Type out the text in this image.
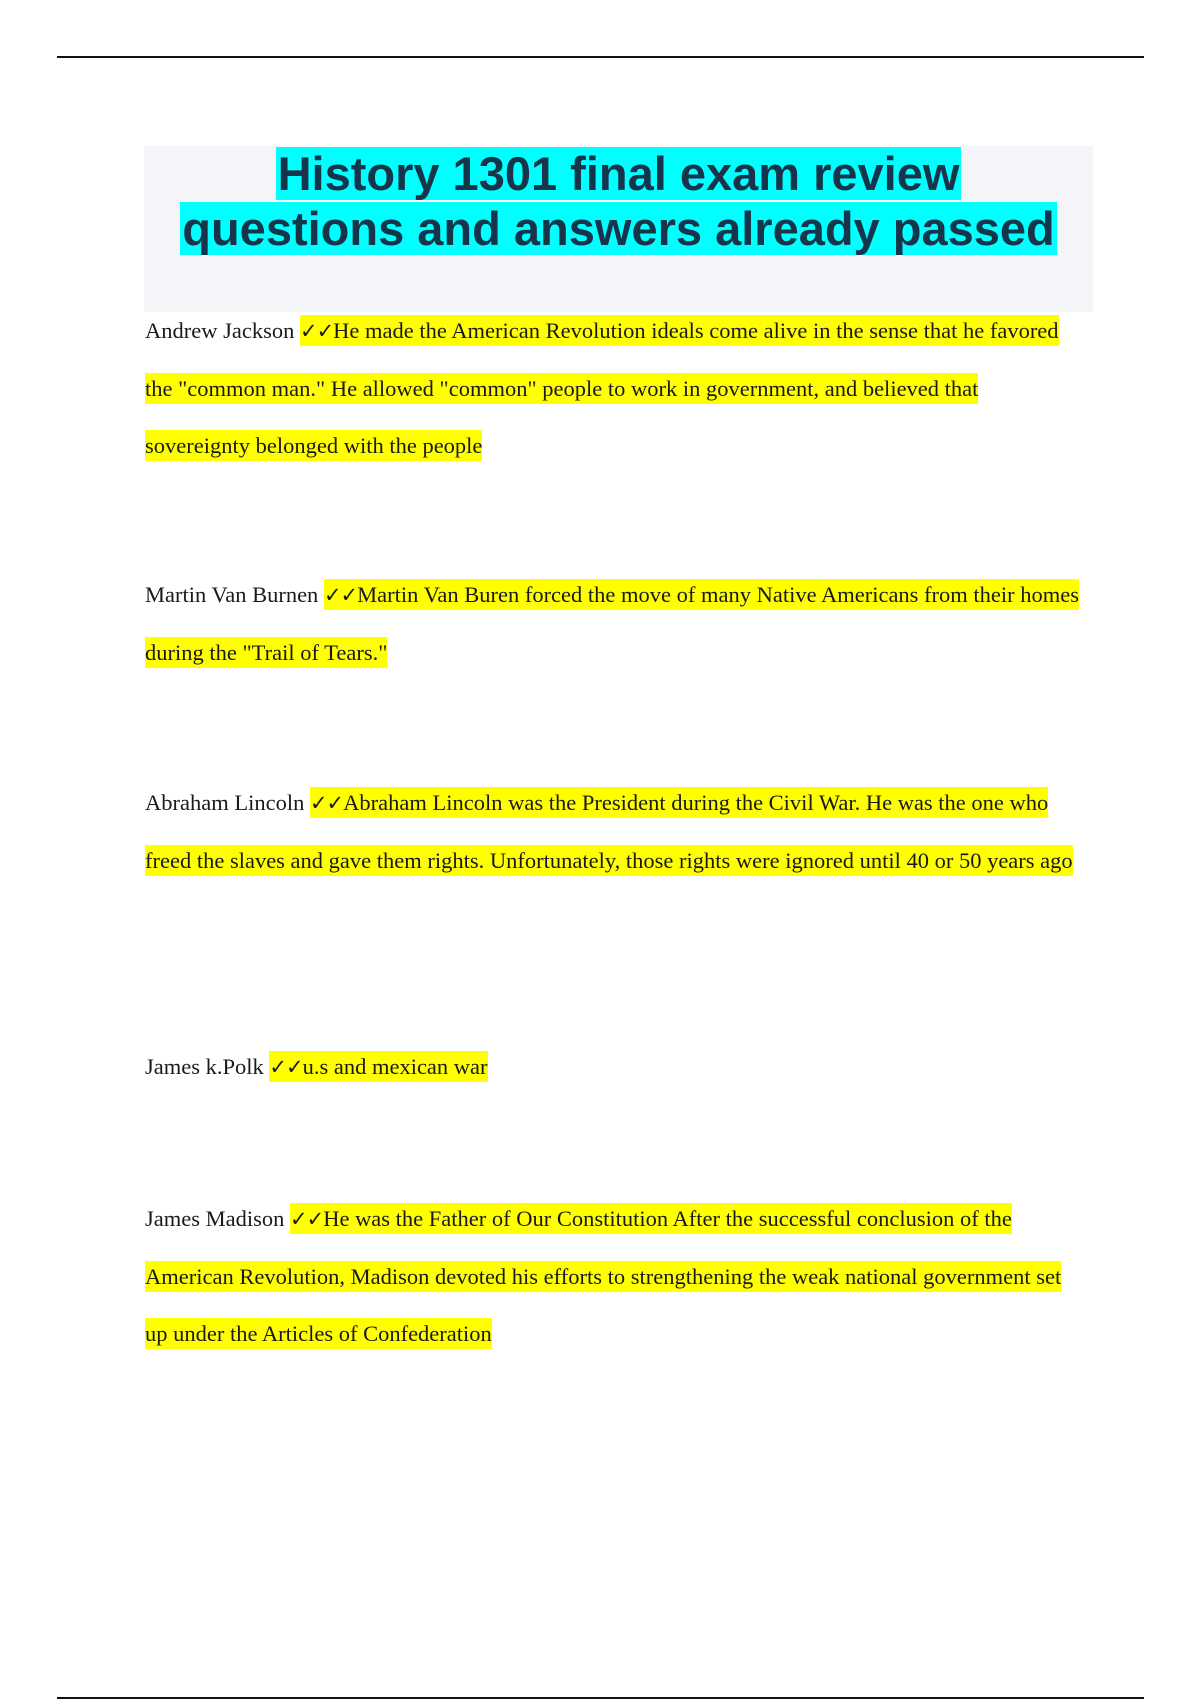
History 1301 final exam review
questions and answers already passed

Andrew Jackson ✓✓He made the American Revolution ideals come alive in the sense that he favored the "common man." He allowed "common" people to work in government, and believed that sovereignty belonged with the people

Martin Van Burnen ✓✓Martin Van Buren forced the move of many Native Americans from their homes during the "Trail of Tears."

Abraham Lincoln ✓✓Abraham Lincoln was the President during the Civil War. He was the one who freed the slaves and gave them rights. Unfortunately, those rights were ignored until 40 or 50 years ago

James k.Polk ✓✓u.s and mexican war

James Madison ✓✓He was the Father of Our Constitution After the successful conclusion of the American Revolution, Madison devoted his efforts to strengthening the weak national government set up under the Articles of Confederation
